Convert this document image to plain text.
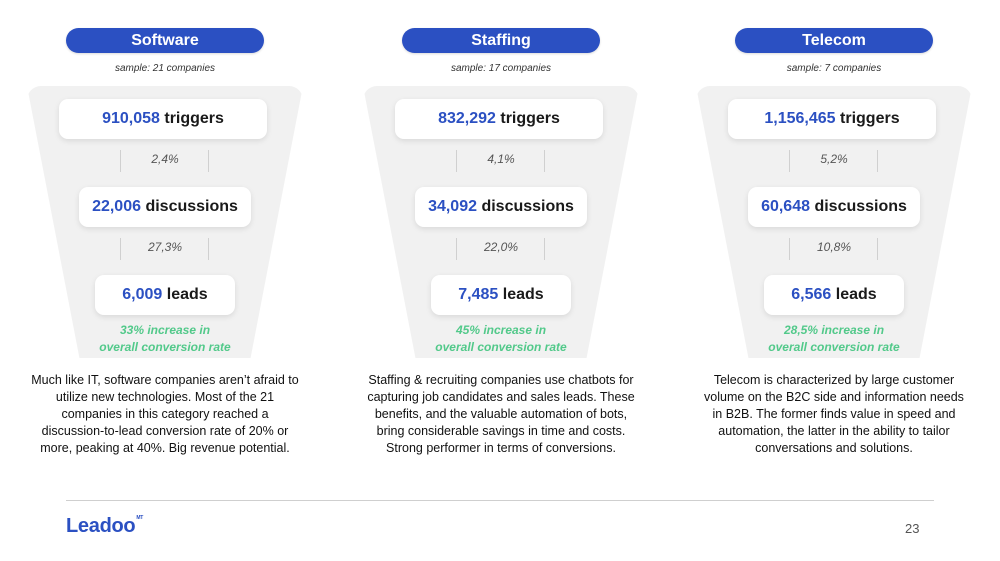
Software
sample: 21 companies
910,058 triggers
2,4%
22,006 discussions
27,3%
6,009 leads
33% increase in
overall conversion rate
Much like IT, software companies aren’t afraid to utilize new technologies. Most of the 21 companies in this category reached a discussion-to-lead conversion rate of 20% or more, peaking at 40%. Big revenue potential.
Staffing
sample: 17 companies
832,292 triggers
4,1%
34,092 discussions
22,0%
7,485 leads
45% increase in
overall conversion rate
Staffing & recruiting companies use chatbots for capturing job candidates and sales leads. These benefits, and the valuable automation of bots, bring considerable savings in time and costs. Strong performer in terms of conversions.
Telecom
sample: 7 companies
1,156,465 triggers
5,2%
60,648 discussions
10,8%
6,566 leads
28,5% increase in
overall conversion rate
Telecom is characterized by large customer volume on the B2C side and information needs in B2B. The former finds value in speed and automation, the latter in the ability to tailor conversations and solutions.
Leadoo$^{MT}$
23
